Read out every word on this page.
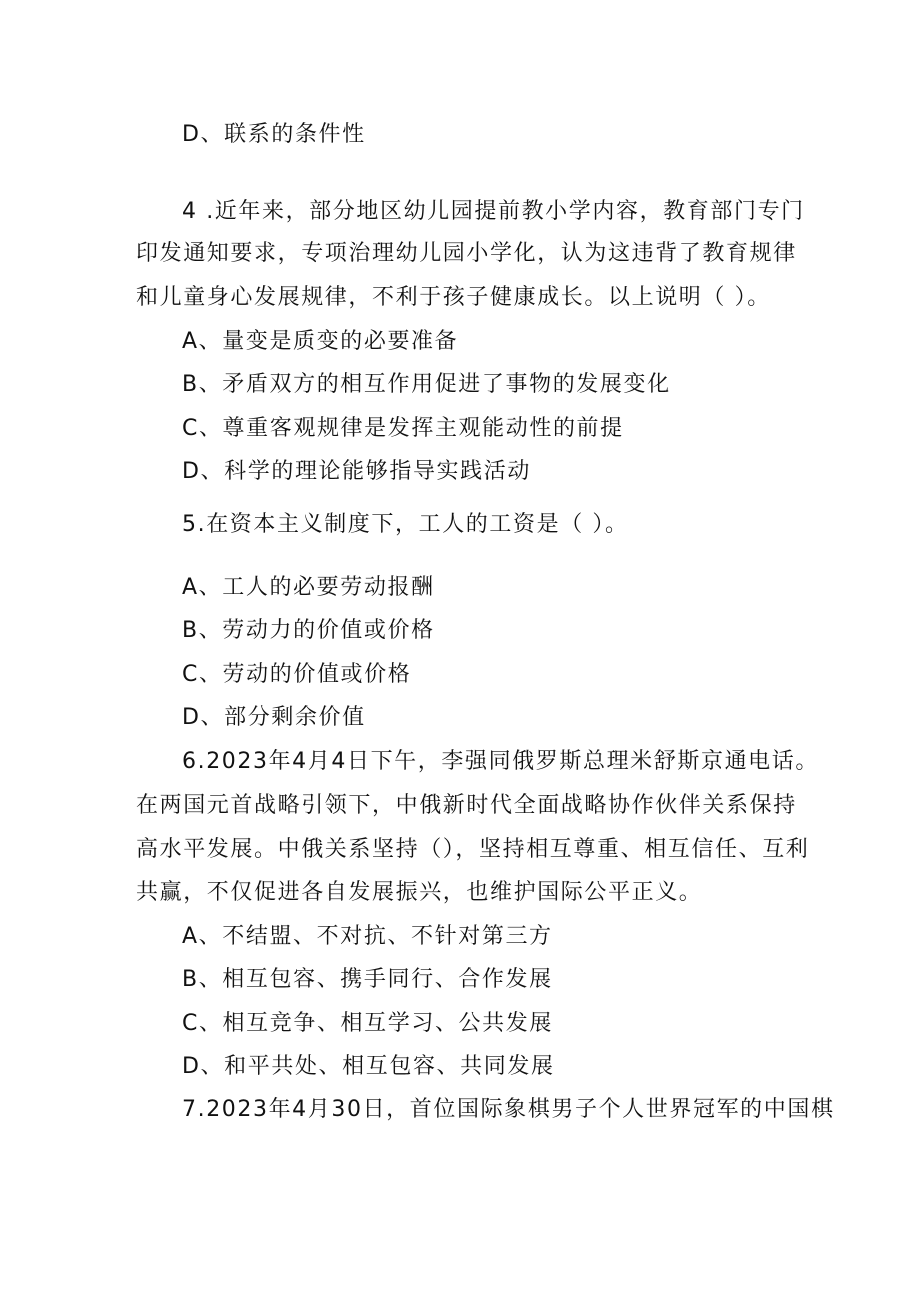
D、联系的条件性
4 .近年来，部分地区幼儿园提前教小学内容，教育部门专门
印发通知要求，专项治理幼儿园小学化，认为这违背了教育规律
和儿童身心发展规律，不利于孩子健康成长。以上说明（ ）。
A、量变是质变的必要准备
B、矛盾双方的相互作用促进了事物的发展变化
C、尊重客观规律是发挥主观能动性的前提
D、科学的理论能够指导实践活动
5.在资本主义制度下，工人的工资是（ ）。
A、工人的必要劳动报酬
B、劳动力的价值或价格
C、劳动的价值或价格
D、部分剩余价值
6.2023年4月4日下午，李强同俄罗斯总理米舒斯京通电话。
在两国元首战略引领下，中俄新时代全面战略协作伙伴关系保持
高水平发展。中俄关系坚持（），坚持相互尊重、相互信任、互利
共赢，不仅促进各自发展振兴，也维护国际公平正义。
A、不结盟、不对抗、不针对第三方
B、相互包容、携手同行、合作发展
C、相互竞争、相互学习、公共发展
D、和平共处、相互包容、共同发展
7.2023年4月30日，首位国际象棋男子个人世界冠军的中国棋
